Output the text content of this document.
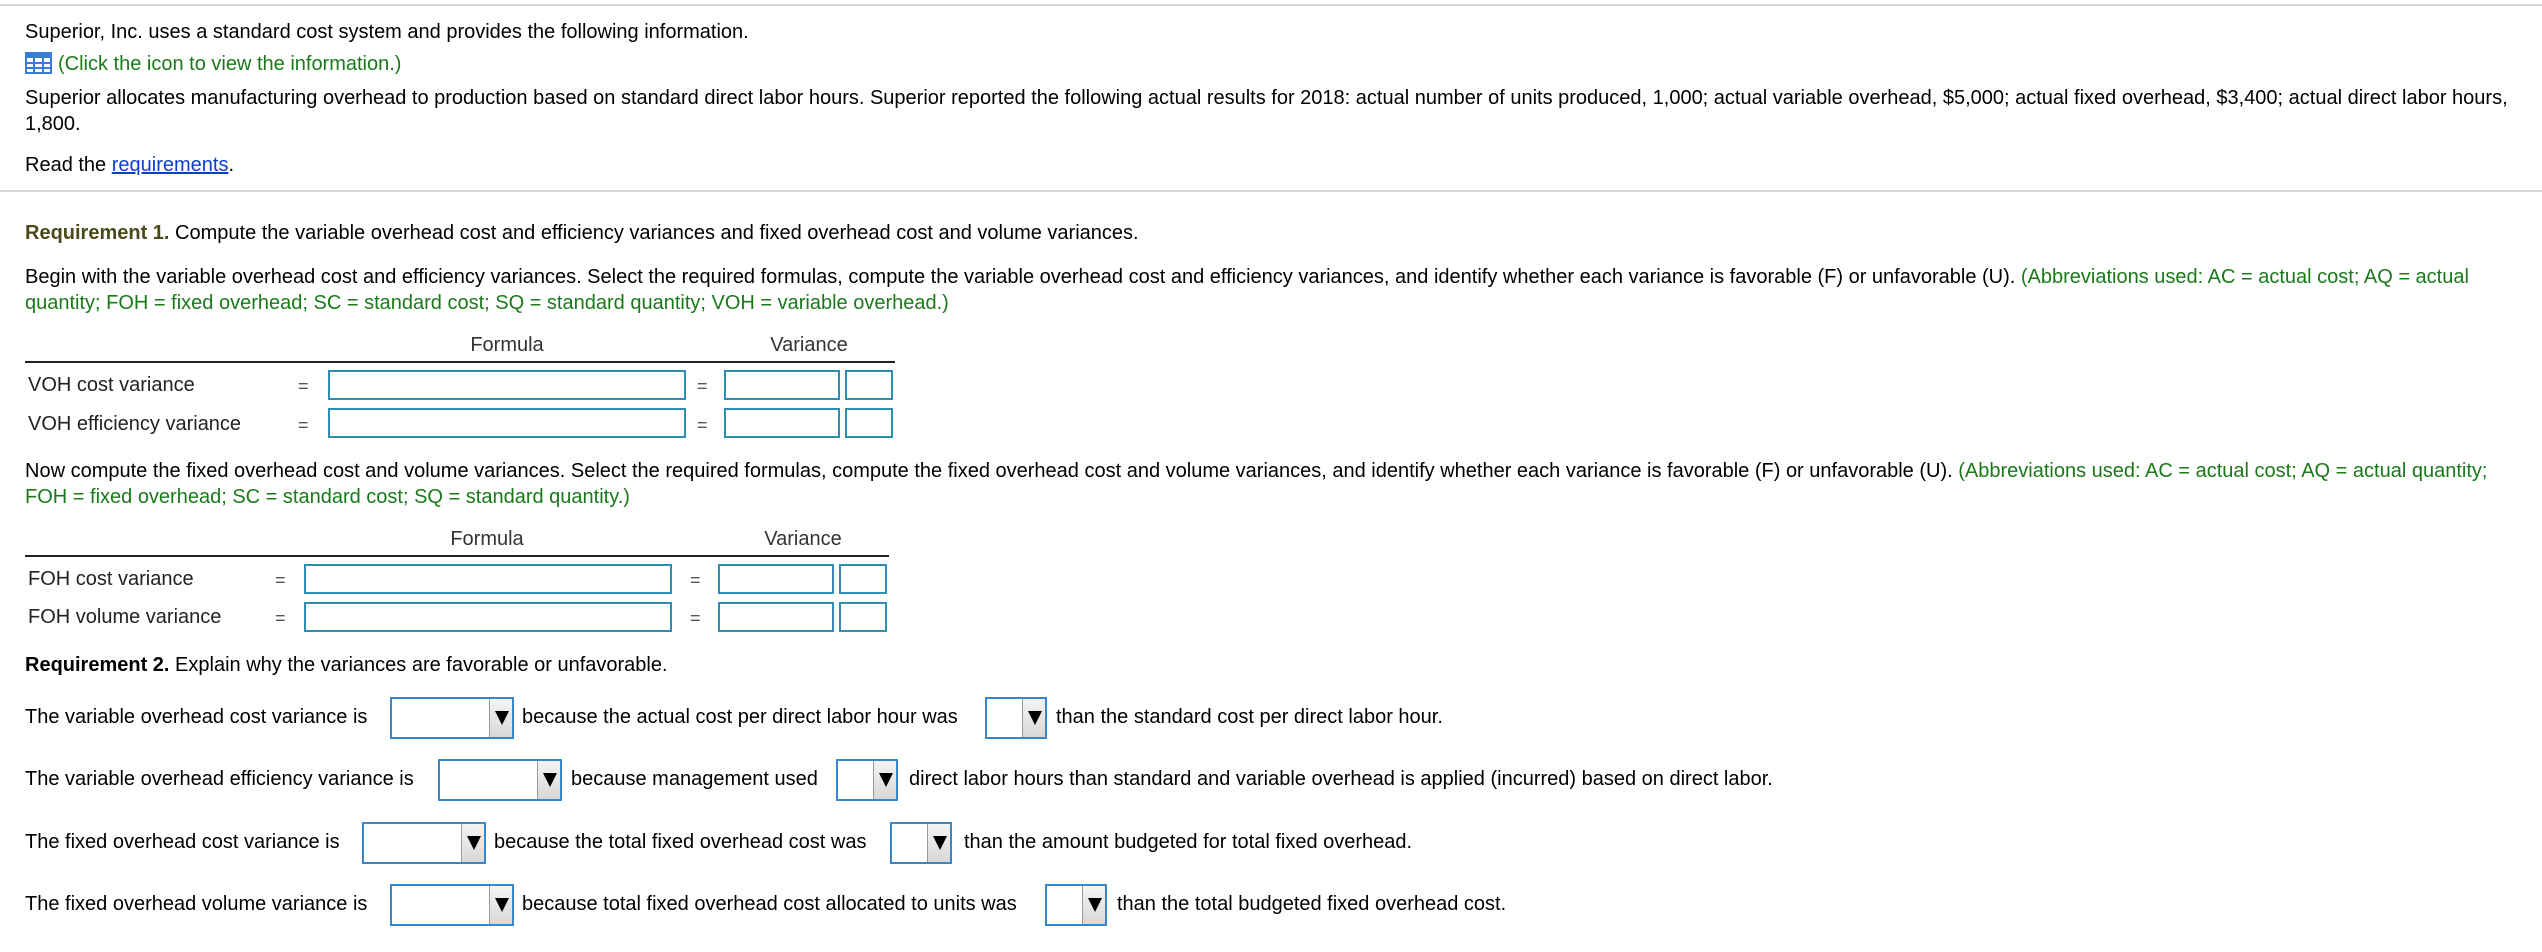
Superior, Inc. uses a standard cost system and provides the following information.
(Click the icon to view the information.)
Superior allocates manufacturing overhead to production based on standard direct labor hours. Superior reported the following actual results for 2018: actual number of units produced, 1,000; actual variable overhead, $5,000; actual fixed overhead, $3,400; actual direct labor hours, 1,800.
Read the requirements.
Requirement 1. Compute the variable overhead cost and efficiency variances and fixed overhead cost and volume variances.
Begin with the variable overhead cost and efficiency variances. Select the required formulas, compute the variable overhead cost and efficiency variances, and identify whether each variance is favorable (F) or unfavorable (U). (Abbreviations used: AC = actual cost; AQ = actual quantity; FOH = fixed overhead; SC = standard cost; SQ = standard quantity; VOH = variable overhead.)
Formula	Variance
VOH cost variance	=	=
VOH efficiency variance	=	=
Now compute the fixed overhead cost and volume variances. Select the required formulas, compute the fixed overhead cost and volume variances, and identify whether each variance is favorable (F) or unfavorable (U). (Abbreviations used: AC = actual cost; AQ = actual quantity; FOH = fixed overhead; SC = standard cost; SQ = standard quantity.)
Formula	Variance
FOH cost variance	=	=
FOH volume variance	=	=
Requirement 2. Explain why the variances are favorable or unfavorable.
The variable overhead cost variance is	because the actual cost per direct labor hour was	than the standard cost per direct labor hour.
The variable overhead efficiency variance is	because management used	direct labor hours than standard and variable overhead is applied (incurred) based on direct labor.
The fixed overhead cost variance is	because the total fixed overhead cost was	than the amount budgeted for total fixed overhead.
The fixed overhead volume variance is	because total fixed overhead cost allocated to units was	than the total budgeted fixed overhead cost.
